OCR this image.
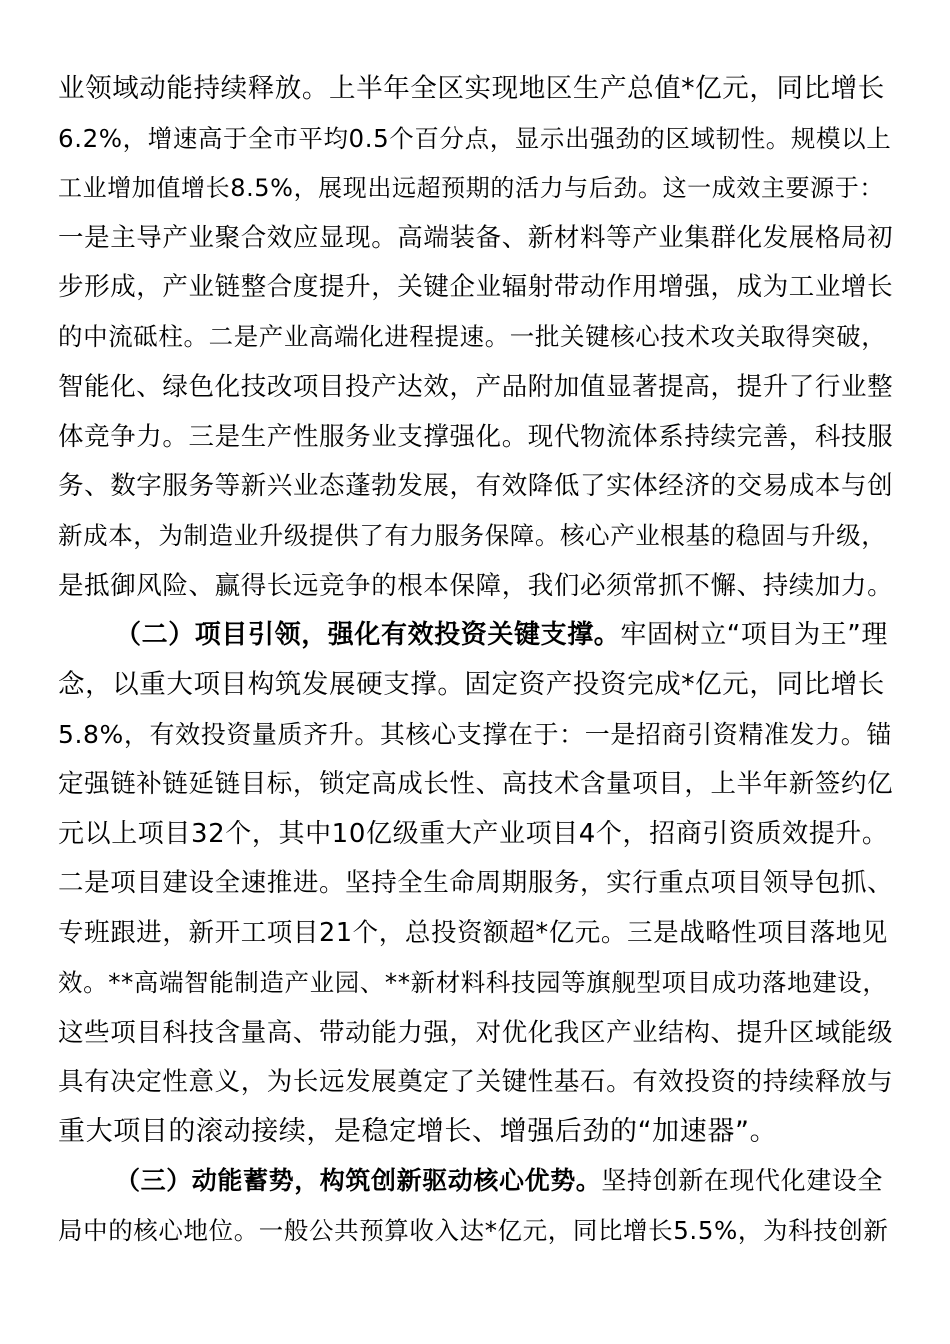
业领域动能持续释放。上半年全区实现地区生产总值*亿元，同比增长
6.2%，增速高于全市平均0.5个百分点，显示出强劲的区域韧性。规模以上
工业增加值增长8.5%，展现出远超预期的活力与后劲。这一成效主要源于：
一是主导产业聚合效应显现。高端装备、新材料等产业集群化发展格局初
步形成，产业链整合度提升，关键企业辐射带动作用增强，成为工业增长
的中流砥柱。二是产业高端化进程提速。一批关键核心技术攻关取得突破，
智能化、绿色化技改项目投产达效，产品附加值显著提高，提升了行业整
体竞争力。三是生产性服务业支撑强化。现代物流体系持续完善，科技服
务、数字服务等新兴业态蓬勃发展，有效降低了实体经济的交易成本与创
新成本，为制造业升级提供了有力服务保障。核心产业根基的稳固与升级，
是抵御风险、赢得长远竞争的根本保障，我们必须常抓不懈、持续加力。
（二）项目引领，强化有效投资关键支撑。牢固树立“项目为王”理
念，以重大项目构筑发展硬支撑。固定资产投资完成*亿元，同比增长
5.8%，有效投资量质齐升。其核心支撑在于：一是招商引资精准发力。锚
定强链补链延链目标，锁定高成长性、高技术含量项目，上半年新签约亿
元以上项目32个，其中10亿级重大产业项目4个，招商引资质效提升。
二是项目建设全速推进。坚持全生命周期服务，实行重点项目领导包抓、
专班跟进，新开工项目21个，总投资额超*亿元。三是战略性项目落地见
效。**高端智能制造产业园、**新材料科技园等旗舰型项目成功落地建设，
这些项目科技含量高、带动能力强，对优化我区产业结构、提升区域能级
具有决定性意义，为长远发展奠定了关键性基石。有效投资的持续释放与
重大项目的滚动接续，是稳定增长、增强后劲的“加速器”。
（三）动能蓄势，构筑创新驱动核心优势。坚持创新在现代化建设全
局中的核心地位。一般公共预算收入达*亿元，同比增长5.5%，为科技创新
